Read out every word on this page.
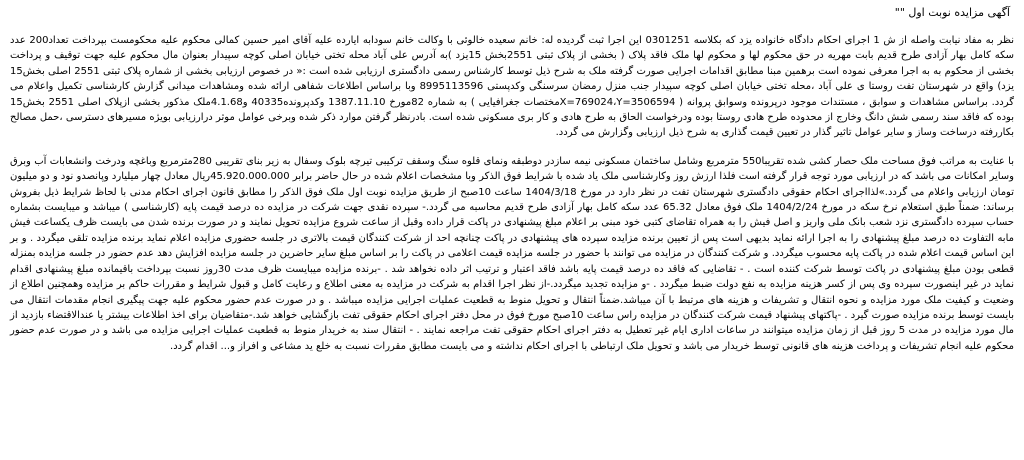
آگهی مزایده نوبت اول ""

نظر به مفاد نیابت واصله از ش 1 اجرای احکام دادگاه خانواده یزد که بکلاسه 0301251 این اجرا ثبت گردیده له: خانم سعیده خالوئی با وکالت خانم سودابه ایارده علیه آقای امیر حسین کمالی محکوم علیه محکومست بپرداخت تعداد200 عدد سکه کامل بهار آزادی طرح قدیم بابت مهریه در حق محکوم لها و محکوم لها ملک فاقد پلاک ( بخشی از پلاک ثبتی 2551بخش 15یزد )به آدرس علی آباد محله تختی خیابان اصلی کوچه سپیدار بعنوان مال محکوم علیه جهت توقیف و پرداخت بخشی از محکوم به به اجرا معرفی نموده است برهمین مبنا مطابق اقدامات اجرایی صورت گرفته ملک به شرح ذیل توسط کارشناس رسمی دادگستری ارزیابی شده است :« در خصوص ارزیابی بخشی از شماره پلاک ثبتی 2551 اصلی بخش15 یزد) واقع در شهرستان تفت روستا ی علی آباد ،محله تختی خیابان اصلی کوچه سپیدار جنب منزل رمضان سرسنگی وکدپستی 8995113596 وبا براساس اطلاعات شفاهی ارائه شده ومشاهدات میدانی گزارش کارشناسی تکمیل واعلام می گردد. براساس مشاهدات و سوابق ، مستندات موجود درپرونده وسوابق پروانه ( X=769024،Y=3506594مختصات جغرافیایی ) به شماره 82مورخ 1387.11.10 وکدپرونده40335 و4.1.68ملک مذکور بخشی ازپلاک اصلی 2551 بخش15 بوده که فاقد سند رسمی شش دانگ وخارج از محدوده طرح هادی روستا بوده ودرخواست الحاق به طرح هادی و کار بری مسکونی شده است. بادرنظر گرفتن موارد ذکر شده وبرخی عوامل موثر درارزیابی بویژه مسیرهای دسترسی ،حمل مصالح بکاررفته درساخت وساز و سایر عوامل تاثیر گذار در تعیین قیمت گذاری به شرح ذیل ارزیابی وگزارش می گردد.

با عنایت به مراتب فوق مساحت ملک حصار کشی شده تقریبا550 مترمربع وشامل ساختمان مسکونی نیمه سازدر دوطبقه ونمای قلوه سنگ وسقف ترکیبی تیرچه بلوک وسفال به زیر بنای تقریبی 280مترمربع وباغچه ودرخت وانشعابات آب وبرق وسایر امکانات می باشد که در ارزیابی مورد توجه قرار گرفته است فلذا ارزش روز وکارشناسی ملک یاد شده با شرایط فوق الذکر وبا مشخصات اعلام شده در حال حاضر برابر 45.920.000.000ریال معادل چهار میلیارد وپانصدو نود و دو میلیون تومان ارزیابی واعلام می گردد.»لذااجرای احکام حقوقی دادگستری شهرستان تفت در نظر دارد در مورخ 1404/3/18 ساعت 10صبح از طریق مزایده نوبت اول ملک فوق الذکر را مطابق قانون اجرای احکام مدنی با لحاظ شرایط ذیل بفروش برساند: ضمناً طبق استعلام نرخ سکه در مورخ 1404/2/24 ملک فوق معادل 65.32 عدد سکه کامل بهار آزادی طرح قدیم محاسبه می گردد.- سپرده نقدی جهت شرکت در مزایده ده درصد قیمت پایه (کارشناسی ) میباشد و میبایست بشماره حساب سپرده دادگستری نزد شعب بانک ملی واریز و اصل فیش را به همراه تقاضای کتبی خود مبنی بر اعلام مبلغ پیشنهادی در پاکت قرار داده وقبل از ساعت شروع مزایده تحویل نمایند و در صورت برنده شدن می بایست ظرف یکساعت فیش مابه التفاوت ده درصد مبلغ پیشنهادی را به اجرا ارائه نماید بدیهی است پس از تعیین برنده مزایده سپرده های پیشنهادی در پاکت چنانچه احد از شرکت کنندگان قیمت بالاتری در جلسه حضوری مزایده اعلام نماید برنده مزایده تلقی میگردد . و بر این اساس قیمت اعلام شده در پاکت پایه محسوب میگردد. و شرکت کنندگان در مزایده می توانند با حضور در جلسه مزایده قیمت اعلامی در پاکت را بر اساس مبلغ سایر حاضرین در جلسه مزایده افزایش دهد عدم حضور در جلسه مزایده بمنزله قطعی بودن مبلغ پیشنهادی در پاکت توسط شرکت کننده است . - تقاضایی که فاقد ده درصد قیمت پایه باشد فاقد اعتبار و ترتیب اثر داده نخواهد شد . -برنده مزایده میبایست ظرف مدت 30روز نسبت بپرداخت باقیمانده مبلغ پیشنهادی اقدام نماید در غیر اینصورت سپرده وی پس از کسر هزینه مزایده به نفع دولت ضبط میگردد . -و مزایده تجدید میگردد.-از نظر اجرا اقدام به شرکت در مزایده به معنی اطلاع و رعایت کامل و قبول شرایط و مقررات حاکم بر مزایده وهمچنین اطلاع از وضعیت و کیفیت ملک مورد مزایده و نحوه انتقال و تشریفات و هزینه های مرتبط با آن میباشد.ضمناً انتقال و تحویل منوط به قطعیت عملیات اجرایی مزایده میباشد . و در صورت عدم حضور محکوم علیه جهت پیگیری انجام مقدمات انتقال می بایست توسط برنده مزایده صورت گیرد . -پاکتهای پیشنهاد قیمت شرکت کنندگان در مزایده راس ساعت 10صبح مورخ فوق در محل دفتر اجرای احکام حقوقی تفت بازگشایی خواهد شد.-متقاضیان برای اخذ اطلاعات بیشتر یا عندالاقتضاء بازدید از مال مورد مزایده در مدت 5 روز قبل از زمان مزایده میتوانند در ساعات اداری ایام غیر تعطیل به دفتر اجرای احکام حقوقی تفت مراجعه نمایند . - انتقال سند به خریدار منوط به قطعیت عملیات اجرایی مزایده می باشد و در صورت عدم حضور محکوم علیه انجام تشریفات و پرداخت هزینه های قانونی توسط خریدار می باشد و تحویل ملک ارتباطی با اجرای احکام نداشته و می بایست مطابق مقررات نسبت به خلع ید مشاعی و افراز و... اقدام گردد.
